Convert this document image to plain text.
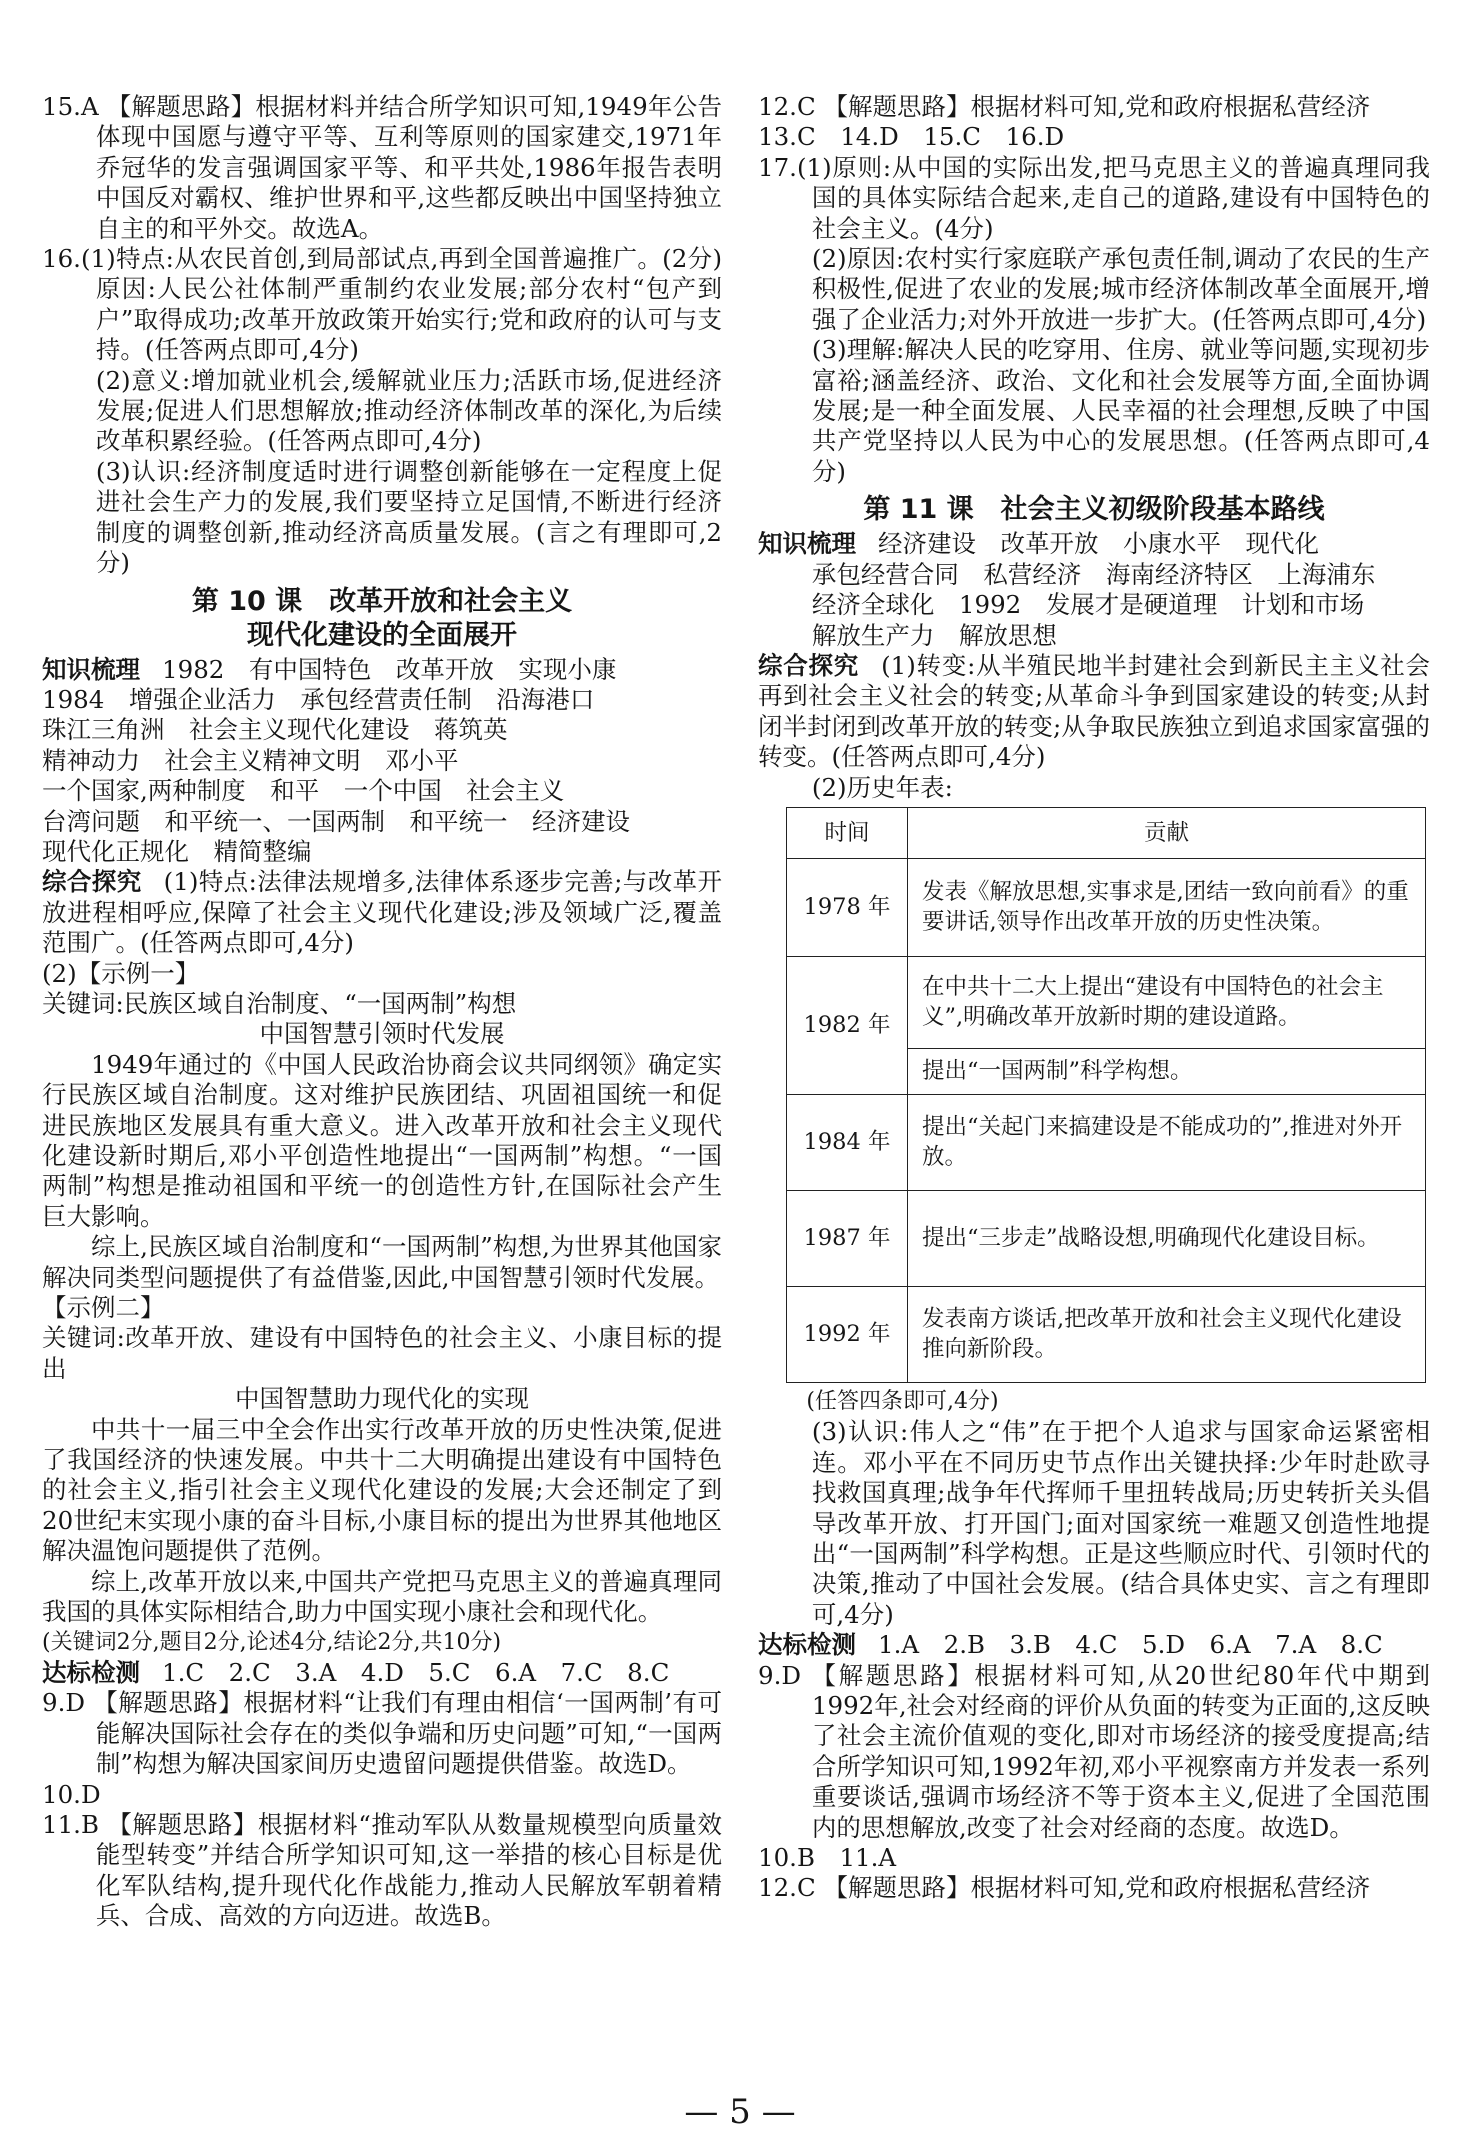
15.A 【解题思路】根据材料并结合所学知识可知,1949年公告体现中国愿与遵守平等、互利等原则的国家建交,1971年乔冠华的发言强调国家平等、和平共处,1986年报告表明中国反对霸权、维护世界和平,这些都反映出中国坚持独立自主的和平外交。故选A。

16.(1)特点:从农民首创,到局部试点,再到全国普遍推广。(2分)原因:人民公社体制严重制约农业发展;部分农村“包产到户”取得成功;改革开放政策开始实行;党和政府的认可与支持。(任答两点即可,4分)

(2)意义:增加就业机会,缓解就业压力;活跃市场,促进经济发展;促进人们思想解放;推动经济体制改革的深化,为后续改革积累经验。(任答两点即可,4分)

(3)认识:经济制度适时进行调整创新能够在一定程度上促进社会生产力的发展,我们要坚持立足国情,不断进行经济制度的调整创新,推动经济高质量发展。(言之有理即可,2分)

第 10 课　改革开放和社会主义
现代化建设的全面展开

知识梳理 1982　有中国特色　改革开放　实现小康

1984　增强企业活力　承包经营责任制　沿海港口

珠江三角洲　社会主义现代化建设　蒋筑英

精神动力　社会主义精神文明　邓小平

一个国家,两种制度　和平　一个中国　社会主义

台湾问题　和平统一、一国两制　和平统一　经济建设

现代化正规化　精简整编

综合探究 (1)特点:法律法规增多,法律体系逐步完善;与改革开放进程相呼应,保障了社会主义现代化建设;涉及领域广泛,覆盖范围广。(任答两点即可,4分)

(2)【示例一】

关键词:民族区域自治制度、“一国两制”构想

中国智慧引领时代发展

1949年通过的《中国人民政治协商会议共同纲领》确定实行民族区域自治制度。这对维护民族团结、巩固祖国统一和促进民族地区发展具有重大意义。进入改革开放和社会主义现代化建设新时期后,邓小平创造性地提出“一国两制”构想。“一国两制”构想是推动祖国和平统一的创造性方针,在国际社会产生巨大影响。

综上,民族区域自治制度和“一国两制”构想,为世界其他国家解决同类型问题提供了有益借鉴,因此,中国智慧引领时代发展。

【示例二】

关键词:改革开放、建设有中国特色的社会主义、小康目标的提出

中国智慧助力现代化的实现

中共十一届三中全会作出实行改革开放的历史性决策,促进了我国经济的快速发展。中共十二大明确提出建设有中国特色的社会主义,指引社会主义现代化建设的发展;大会还制定了到20世纪末实现小康的奋斗目标,小康目标的提出为世界其他地区解决温饱问题提供了范例。

综上,改革开放以来,中国共产党把马克思主义的普遍真理同我国的具体实际相结合,助力中国实现小康社会和现代化。

(关键词2分,题目2分,论述4分,结论2分,共10分)

达标检测 1.C　2.C　3.A　4.D　5.C　6.A　7.C　8.C

9.D 【解题思路】根据材料“让我们有理由相信‘一国两制’有可能解决国际社会存在的类似争端和历史问题”可知,“一国两制”构想为解决国家间历史遗留问题提供借鉴。故选D。

10.D

11.B 【解题思路】根据材料“推动军队从数量规模型向质量效能型转变”并结合所学知识可知,这一举措的核心目标是优化军队结构,提升现代化作战能力,推动人民解放军朝着精兵、合成、高效的方向迈进。故选B。

12.C 【解题思路】根据材料可知,党和政府根据私营经济

13.C　14.D　15.C　16.D

17.(1)原则:从中国的实际出发,把马克思主义的普遍真理同我国的具体实际结合起来,走自己的道路,建设有中国特色的社会主义。(4分)

(2)原因:农村实行家庭联产承包责任制,调动了农民的生产积极性,促进了农业的发展;城市经济体制改革全面展开,增强了企业活力;对外开放进一步扩大。(任答两点即可,4分)

(3)理解:解决人民的吃穿用、住房、就业等问题,实现初步富裕;涵盖经济、政治、文化和社会发展等方面,全面协调发展;是一种全面发展、人民幸福的社会理想,反映了中国共产党坚持以人民为中心的发展思想。(任答两点即可,4分)

第 11 课　社会主义初级阶段基本路线

知识梳理 经济建设　改革开放　小康水平　现代化

承包经营合同　私营经济　海南经济特区　上海浦东

经济全球化　1992　发展才是硬道理　计划和市场

解放生产力　解放思想

综合探究 (1)转变:从半殖民地半封建社会到新民主主义社会再到社会主义社会的转变;从革命斗争到国家建设的转变;从封闭半封闭到改革开放的转变;从争取民族独立到追求国家富强的转变。(任答两点即可,4分)

(2)历史年表:

时间	贡献
1978 年	发表《解放思想,实事求是,团结一致向前看》的重要讲话,领导作出改革开放的历史性决策。
1982 年	在中共十二大上提出“建设有中国特色的社会主义”,明确改革开放新时期的建设道路。
	提出“一国两制”科学构想。
1984 年	提出“关起门来搞建设是不能成功的”,推进对外开放。
1987 年	提出“三步走”战略设想,明确现代化建设目标。
1992 年	发表南方谈话,把改革开放和社会主义现代化建设推向新阶段。

(任答四条即可,4分)

(3)认识:伟人之“伟”在于把个人追求与国家命运紧密相连。邓小平在不同历史节点作出关键抉择:少年时赴欧寻找救国真理;战争年代挥师千里扭转战局;历史转折关头倡导改革开放、打开国门;面对国家统一难题又创造性地提出“一国两制”科学构想。正是这些顺应时代、引领时代的决策,推动了中国社会发展。(结合具体史实、言之有理即可,4分)

达标检测 1.A　2.B　3.B　4.C　5.D　6.A　7.A　8.C

9.D 【解题思路】根据材料可知,从20世纪80年代中期到1992年,社会对经商的评价从负面的转变为正面的,这反映了社会主流价值观的变化,即对市场经济的接受度提高;结合所学知识可知,1992年初,邓小平视察南方并发表一系列重要谈话,强调市场经济不等于资本主义,促进了全国范围内的思想解放,改变了社会对经商的态度。故选D。

10.B　11.A

12.C 【解题思路】根据材料可知,党和政府根据私营经济

— 5 —
